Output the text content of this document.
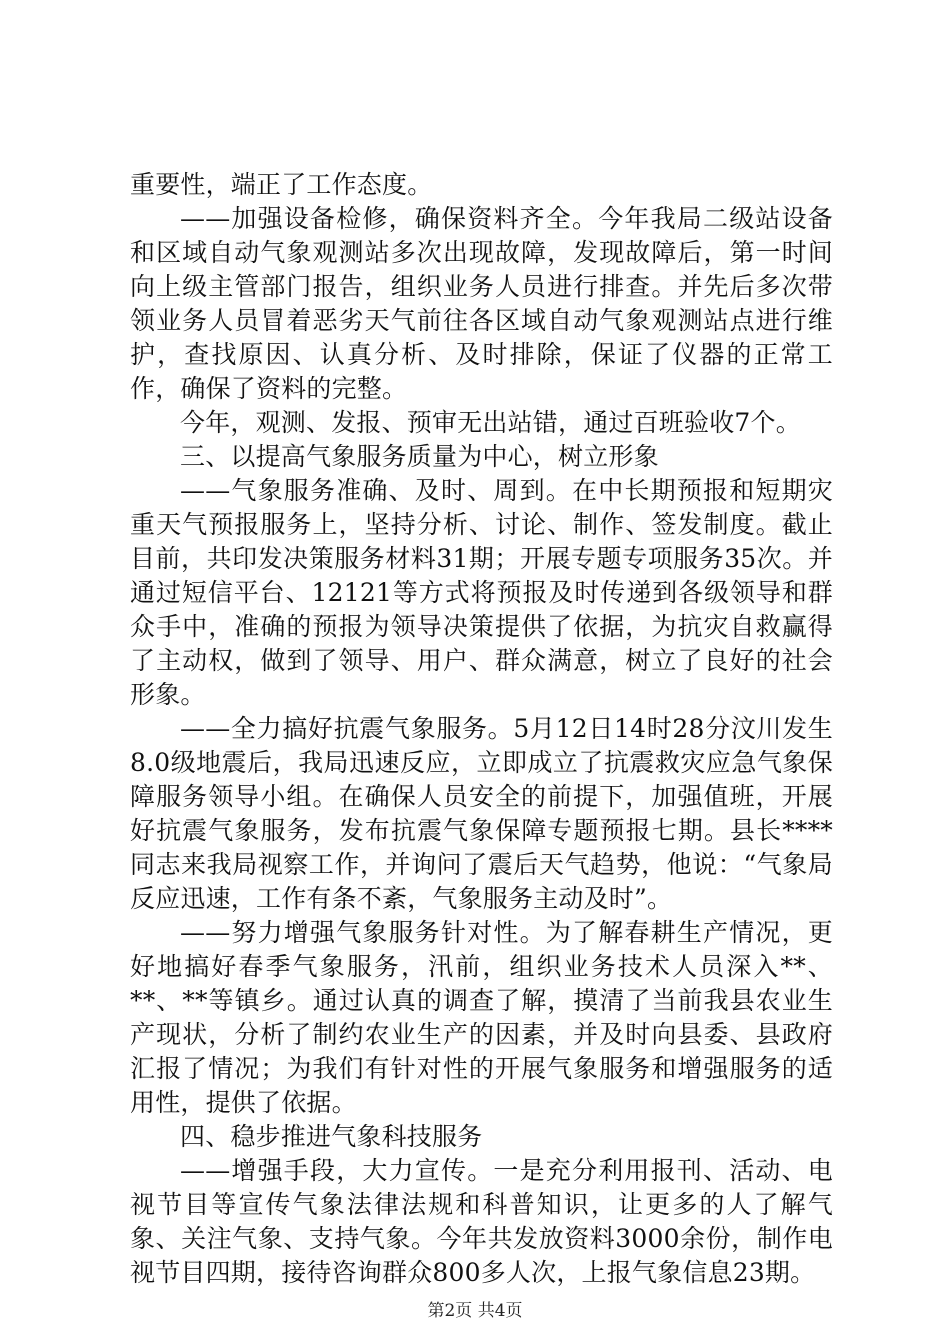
重要性，端正了工作态度。

——加强设备检修，确保资料齐全。今年我局二级站设备和区域自动气象观测站多次出现故障，发现故障后，第一时间向上级主管部门报告，组织业务人员进行排查。并先后多次带领业务人员冒着恶劣天气前往各区域自动气象观测站点进行维护，查找原因、认真分析、及时排除，保证了仪器的正常工作，确保了资料的完整。

今年，观测、发报、预审无出站错，通过百班验收7个。

三、以提高气象服务质量为中心，树立形象

——气象服务准确、及时、周到。在中长期预报和短期灾重天气预报服务上，坚持分析、讨论、制作、签发制度。截止目前，共印发决策服务材料31期；开展专题专项服务35次。并通过短信平台、12121等方式将预报及时传递到各级领导和群众手中，准确的预报为领导决策提供了依据，为抗灾自救赢得了主动权，做到了领导、用户、群众满意，树立了良好的社会形象。

——全力搞好抗震气象服务。5月12日14时28分汶川发生8.0级地震后，我局迅速反应，立即成立了抗震救灾应急气象保障服务领导小组。在确保人员安全的前提下，加强值班，开展好抗震气象服务，发布抗震气象保障专题预报七期。县长****同志来我局视察工作，并询问了震后天气趋势，他说：“气象局反应迅速，工作有条不紊，气象服务主动及时”。

——努力增强气象服务针对性。为了解春耕生产情况，更好地搞好春季气象服务，汛前，组织业务技术人员深入**、**、**等镇乡。通过认真的调查了解，摸清了当前我县农业生产现状，分析了制约农业生产的因素，并及时向县委、县政府汇报了情况；为我们有针对性的开展气象服务和增强服务的适用性，提供了依据。

四、稳步推进气象科技服务

——增强手段，大力宣传。一是充分利用报刊、活动、电视节目等宣传气象法律法规和科普知识，让更多的人了解气象、关注气象、支持气象。今年共发放资料3000余份，制作电视节目四期，接待咨询群众800多人次，上报气象信息23期。

第2页 共4页
